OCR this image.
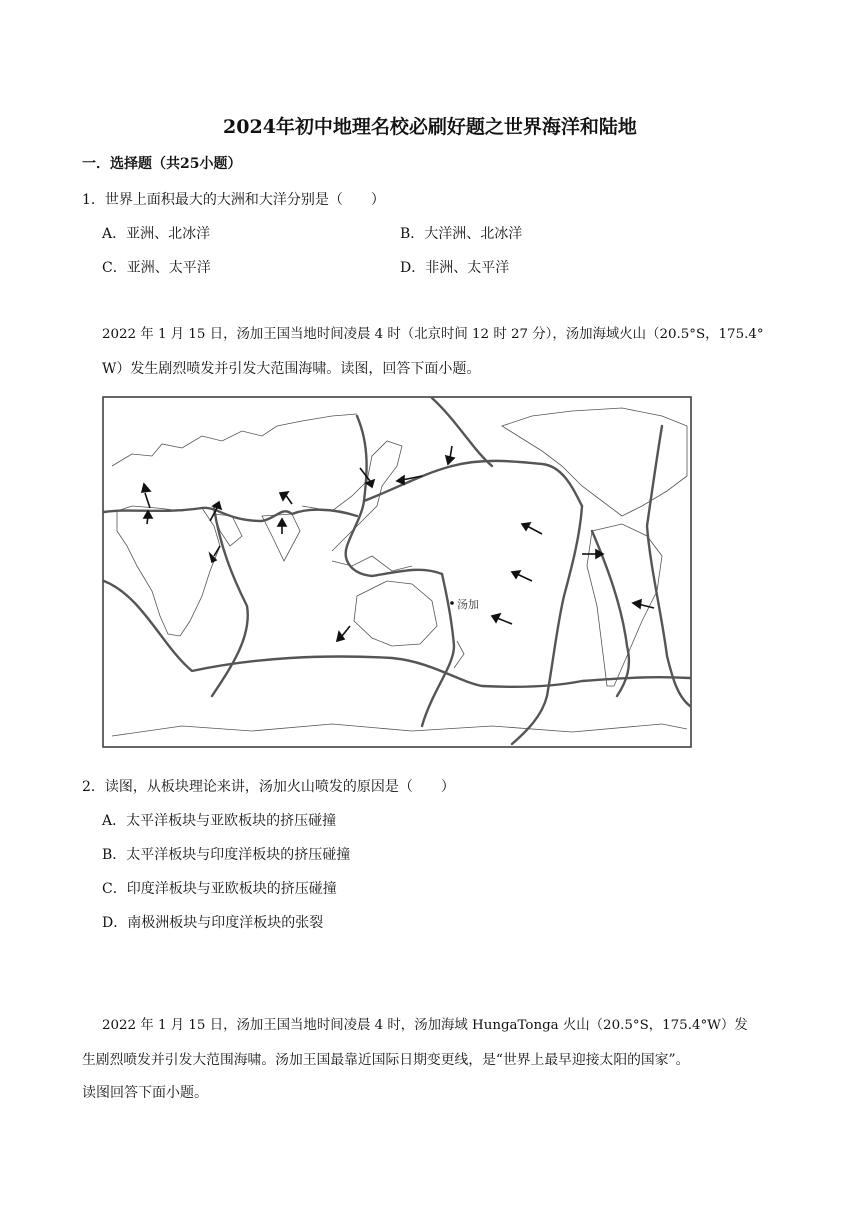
2024年初中地理名校必刷好题之世界海洋和陆地
一．选择题（共25小题）
1．世界上面积最大的大洲和大洋分别是（　　）
A．亚洲、北冰洋	B．大洋洲、北冰洋
C．亚洲、太平洋	D．非洲、太平洋
2022 年 1 月 15 日，汤加王国当地时间凌晨 4 时（北京时间 12 时 27 分），汤加海域火山（20.5°S，175.4°
W）发生剧烈喷发并引发大范围海啸。读图，回答下面小题。
汤加
2．读图，从板块理论来讲，汤加火山喷发的原因是（　　）
A．太平洋板块与亚欧板块的挤压碰撞
B．太平洋板块与印度洋板块的挤压碰撞
C．印度洋板块与亚欧板块的挤压碰撞
D．南极洲板块与印度洋板块的张裂
2022 年 1 月 15 日，汤加王国当地时间凌晨 4 时，汤加海域 HungaTonga 火山（20.5°S，175.4°W）发
生剧烈喷发并引发大范围海啸。汤加王国最靠近国际日期变更线，是“世界上最早迎接太阳的国家”。
读图回答下面小题。
